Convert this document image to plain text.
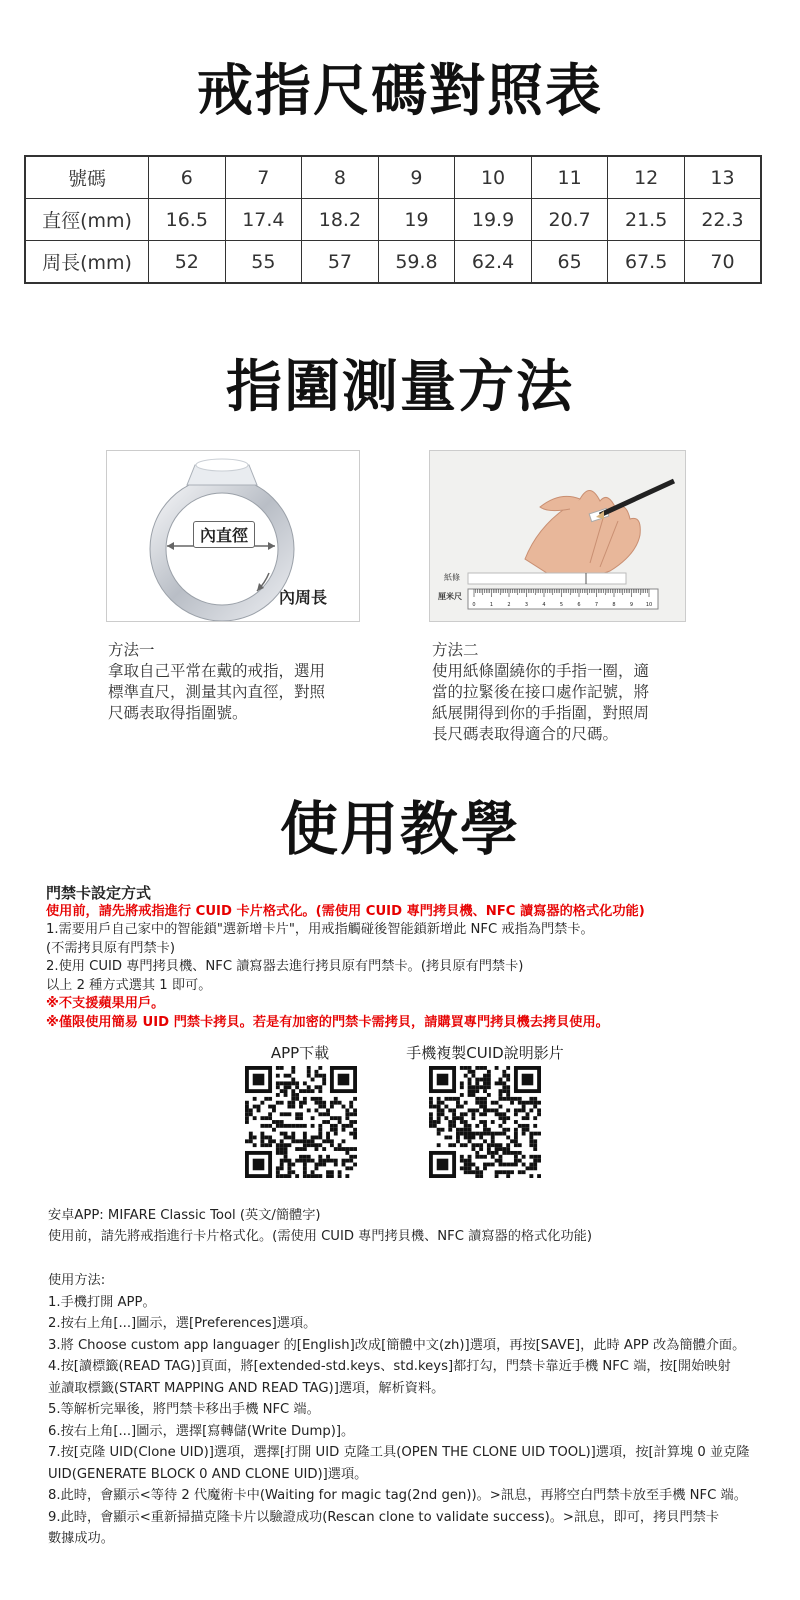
戒指尺碼對照表
號碼	6	7	8	9	10	11	12	13
直徑(mm)	16.5	17.4	18.2	19	19.9	20.7	21.5	22.3
周長(mm)	52	55	57	59.8	62.4	65	67.5	70
指圍測量方法
內直徑
內周長	0	1	2	3	4	5	6	7	8	9	10
紙條
厘米尺
方法一
拿取自己平常在戴的戒指，選用
標準直尺，測量其內直徑，對照
尺碼表取得指圍號。
方法二
使用紙條圍繞你的手指一圈，適
當的拉緊後在接口處作記號，將
紙展開得到你的手指圍，對照周
長尺碼表取得適合的尺碼。
使用教學
門禁卡設定方式
使用前，請先將戒指進行 CUID 卡片格式化。(需使用 CUID 專門拷貝機、NFC 讀寫器的格式化功能)
1.需要用戶自己家中的智能鎖"選新增卡片"，用戒指觸碰後智能鎖新增此 NFC 戒指為門禁卡。
(不需拷貝原有門禁卡)
2.使用 CUID 專門拷貝機、NFC 讀寫器去進行拷貝原有門禁卡。(拷貝原有門禁卡)
以上 2 種方式選其 1 即可。
※不支援蘋果用戶。
※僅限使用簡易 UID 門禁卡拷貝。若是有加密的門禁卡需拷貝，請購買專門拷貝機去拷貝使用。
APP下載	手機複製CUID說明影片
安卓APP: MIFARE Classic Tool (英文/簡體字)
使用前，請先將戒指進行卡片格式化。(需使用 CUID 專門拷貝機、NFC 讀寫器的格式化功能)
使用方法:
1.手機打開 APP。
2.按右上角[...]圖示，選[Preferences]選項。
3.將 Choose custom app languager 的[English]改成[簡體中文(zh)]選項，再按[SAVE]，此時 APP 改為簡體介面。
4.按[讀標籤(READ TAG)]頁面，將[extended-std.keys、std.keys]都打勾，門禁卡靠近手機 NFC 端，按[開始映射
並讀取標籤(START MAPPING AND READ TAG)]選項，解析資料。
5.等解析完畢後，將門禁卡移出手機 NFC 端。
6.按右上角[...]圖示，選擇[寫轉儲(Write Dump)]。
7.按[克隆 UID(Clone UID)]選項，選擇[打開 UID 克隆工具(OPEN THE CLONE UID TOOL)]選項，按[計算塊 0 並克隆
UID(GENERATE BLOCK 0 AND CLONE UID)]選項。
8.此時，會顯示<等待 2 代魔術卡中(Waiting for magic tag(2nd gen))。>訊息，再將空白門禁卡放至手機 NFC 端。
9.此時，會顯示<重新掃描克隆卡片以驗證成功(Rescan clone to validate success)。>訊息，即可，拷貝門禁卡
數據成功。
